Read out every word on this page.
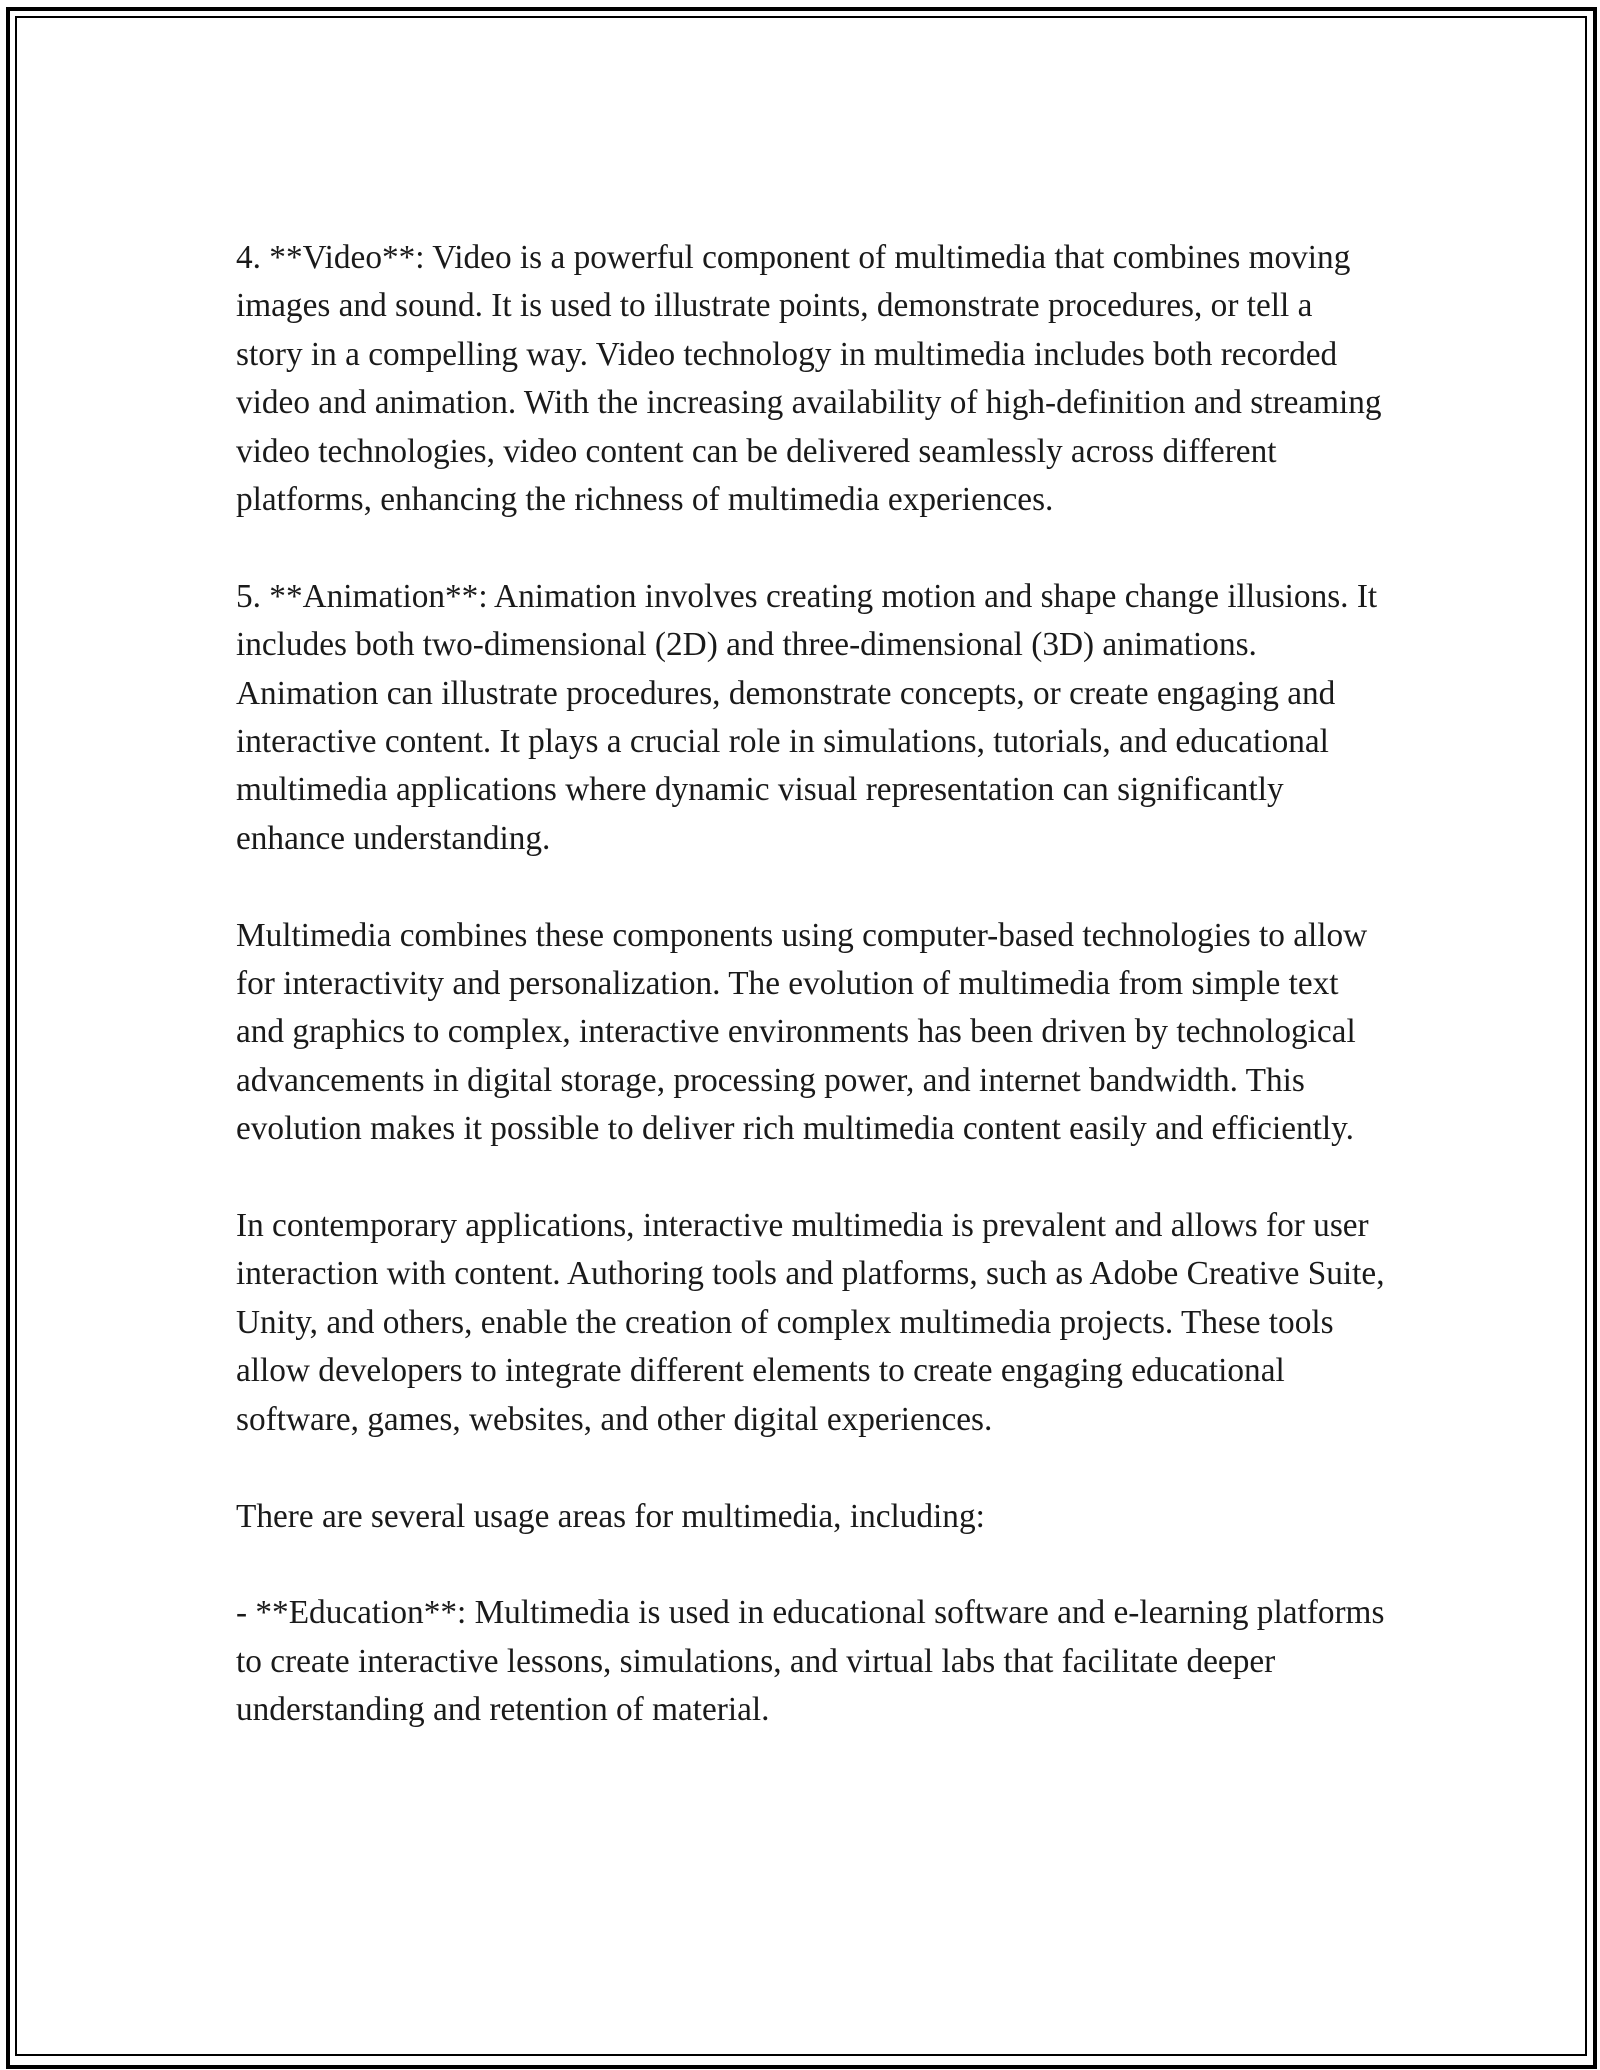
4. **Video**: Video is a powerful component of multimedia that combines moving images and sound. It is used to illustrate points, demonstrate procedures, or tell a story in a compelling way. Video technology in multimedia includes both recorded video and animation. With the increasing availability of high-definition and streaming video technologies, video content can be delivered seamlessly across different platforms, enhancing the richness of multimedia experiences.

5. **Animation**: Animation involves creating motion and shape change illusions. It includes both two-dimensional (2D) and three-dimensional (3D) animations. Animation can illustrate procedures, demonstrate concepts, or create engaging and interactive content. It plays a crucial role in simulations, tutorials, and educational multimedia applications where dynamic visual representation can significantly enhance understanding.

Multimedia combines these components using computer-based technologies to allow for interactivity and personalization. The evolution of multimedia from simple text and graphics to complex, interactive environments has been driven by technological advancements in digital storage, processing power, and internet bandwidth. This evolution makes it possible to deliver rich multimedia content easily and efficiently.

In contemporary applications, interactive multimedia is prevalent and allows for user interaction with content. Authoring tools and platforms, such as Adobe Creative Suite, Unity, and others, enable the creation of complex multimedia projects. These tools allow developers to integrate different elements to create engaging educational software, games, websites, and other digital experiences.

There are several usage areas for multimedia, including:

- **Education**: Multimedia is used in educational software and e-learning platforms to create interactive lessons, simulations, and virtual labs that facilitate deeper understanding and retention of material.
